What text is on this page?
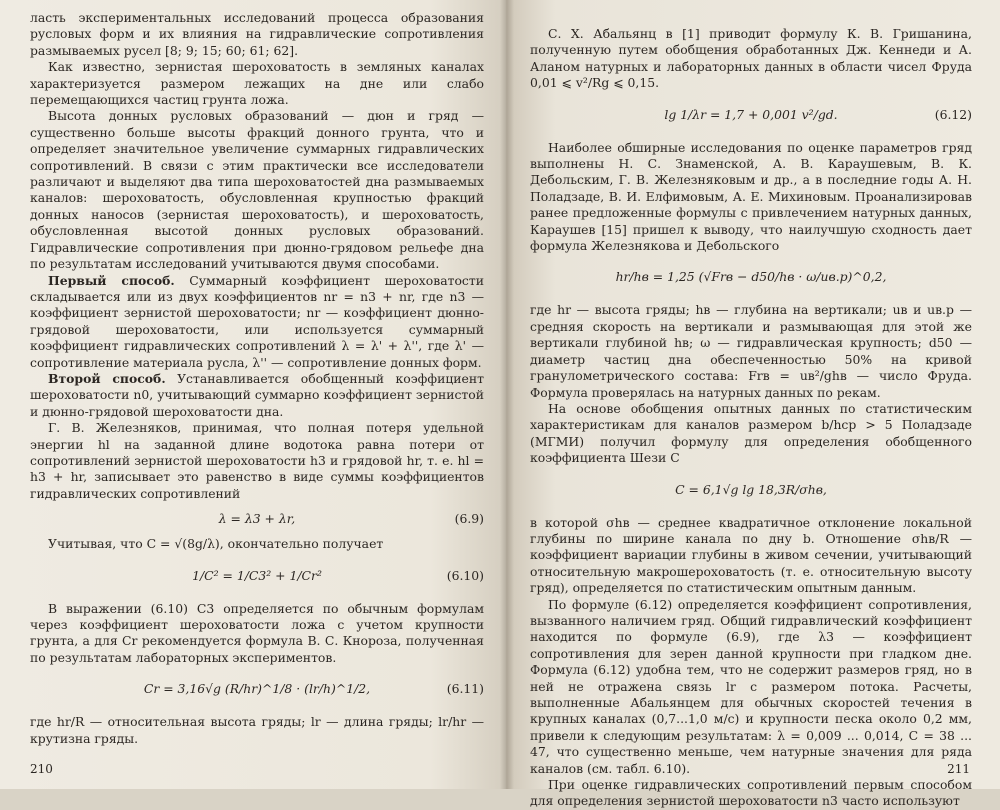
ласть экспериментальных исследований процесса образования русловых форм и их влияния на гидравлические сопротивления размываемых русел [8; 9; 15; 60; 61; 62].

Как известно, зернистая шероховатость в земляных каналах характеризуется размером лежащих на дне или слабо перемещающихся частиц грунта ложа.

Высота донных русловых образований — дюн и гряд — существенно больше высоты фракций донного грунта, что и определяет значительное увеличение суммарных гидравлических сопротивлений. В связи с этим практически все исследователи различают и выделяют два типа шероховатостей дна размываемых каналов: шероховатость, обусловленная крупностью фракций донных наносов (зернистая шероховатость), и шероховатость, обусловленная высотой донных русловых образований. Гидравлические сопротивления при дюнно-грядовом рельефе дна по результатам исследований учитываются двумя способами.

Первый способ. Суммарный коэффициент шероховатости складывается или из двух коэффициентов nr = n3 + nr, где n3 — коэффициент зернистой шероховатости; nr — коэффициент дюнно-грядовой шероховатости, или используется суммарный коэффициент гидравлических сопротивлений λ = λ' + λ'', где λ' — сопротивление материала русла, λ'' — сопротивление донных форм.

Второй способ. Устанавливается обобщенный коэффициент шероховатости n0, учитывающий суммарно коэффициент зернистой и дюнно-грядовой шероховатости дна.

Г. В. Железняков, принимая, что полная потеря удельной энергии hl на заданной длине водотока равна потери от сопротивлений зернистой шероховатости h3 и грядовой hr, т. е. hl = h3 + hr, записывает это равенство в виде суммы коэффициентов гидравлических сопротивлений

λ = λ3 + λr,	(6.9)

Учитывая, что C = √(8g/λ), окончательно получает

1/C² = 1/C3² + 1/Cr²	(6.10)

В выражении (6.10) C3 определяется по обычным формулам через коэффициент шероховатости ложа с учетом крупности грунта, а для Cr рекомендуется формула В. С. Кнороза, полученная по результатам лабораторных экспериментов.

Cr = 3,16√g (R/hr)^1/8 · (lr/h)^1/2,	(6.11)

где hr/R — относительная высота гряды; lr — длина гряды; lr/hr — крутизна гряды.

210

С. Х. Абальянц в [1] приводит формулу К. В. Гришанина, полученную путем обобщения обработанных Дж. Кеннеди и А. Аланом натурных и лабораторных данных в области чисел Фруда 0,01 ⩽ v²/Rg ⩽ 0,15.

lg 1/λr = 1,7 + 0,001 v²/gd.	(6.12)

Наиболее обширные исследования по оценке параметров гряд выполнены Н. С. Знаменской, А. В. Караушевым, В. К. Дебольским, Г. В. Железняковым и др., а в последние годы А. Н. Поладзаде, В. И. Елфимовым, А. Е. Михиновым. Проанализировав ранее предложенные формулы с привлечением натурных данных, Караушев [15] пришел к выводу, что наилучшую сходность дает формула Железнякова и Дебольского

hr/hв = 1,25 (√Frв − d50/hв · ω/uв.р)^0,2,

где hr — высота гряды; hв — глубина на вертикали; uв и uв.р — средняя скорость на вертикали и размывающая для этой же вертикали глубиной hв; ω — гидравлическая крупность; d50 — диаметр частиц дна обеспеченностью 50% на кривой гранулометрического состава: Frв = uв²/ghв — число Фруда. Формула проверялась на натурных данных по рекам.

На основе обобщения опытных данных по статистическим характеристикам для каналов размером b/hср > 5 Поладзаде (МГМИ) получил формулу для определения обобщенного коэффициента Шези C

C = 6,1√g lg 18,3R/σhв,

в которой σhв — среднее квадратичное отклонение локальной глубины по ширине канала по дну b. Отношение σhв/R — коэффициент вариации глубины в живом сечении, учитывающий относительную макрошероховатость (т. е. относительную высоту гряд), определяется по статистическим опытным данным.

По формуле (6.12) определяется коэффициент сопротивления, вызванного наличием гряд. Общий гидравлический коэффициент находится по формуле (6.9), где λ3 — коэффициент сопротивления для зерен данной крупности при гладком дне. Формула (6.12) удобна тем, что не содержит размеров гряд, но в ней не отражена связь lr с размером потока. Расчеты, выполненные Абальянцем для обычных скоростей течения в крупных каналах (0,7...1,0 м/с) и крупности песка около 0,2 мм, привели к следующим результатам: λ = 0,009 ... 0,014, C = 38 ... 47, что существенно меньше, чем натурные значения для ряда каналов (см. табл. 6.10).

При оценке гидравлических сопротивлений первым способом для определения зернистой шероховатости n3 часто используют

211
